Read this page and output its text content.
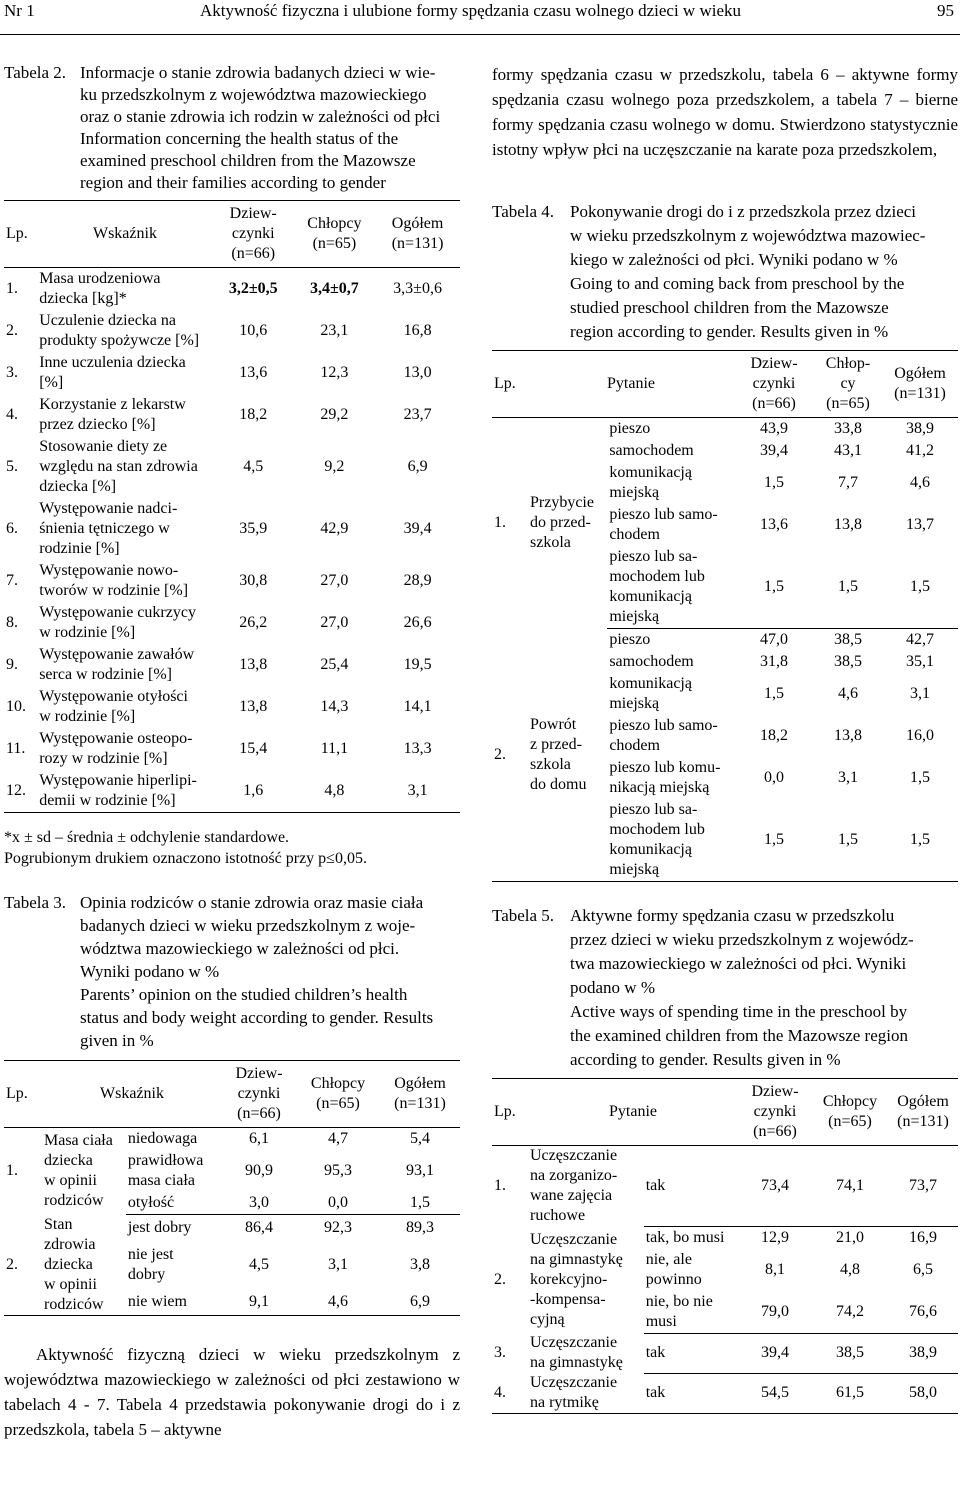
Nr 1	Aktywność fizyczna i ulubione formy spędzania czasu wolnego dzieci w wieku	95
Tabela 2. Informacje o stanie zdrowia badanych dzieci w wie-
ku przedszkolnym z województwa mazowieckiego
oraz o stanie zdrowia ich rodzin w zależności od płci
Information concerning the health status of the
examined preschool children from the Mazowsze
region and their families according to gender
Lp.	Wskaźnik	Dziew-
czynki
(n=66)	Chłopcy
(n=65)	Ogółem
(n=131)
1.	Masa urodzeniowa
dziecka [kg]*	3,2±0,5	3,4±0,7	3,3±0,6
2.	Uczulenie dziecka na
produkty spożywcze [%]	10,6	23,1	16,8
3.	Inne uczulenia dziecka
[%]	13,6	12,3	13,0
4.	Korzystanie z lekarstw
przez dziecko [%]	18,2	29,2	23,7
5.	Stosowanie diety ze
względu na stan zdrowia
dziecka [%]	4,5	9,2	6,9
6.	Występowanie nadci-
śnienia tętniczego w
rodzinie [%]	35,9	42,9	39,4
7.	Występowanie nowo-
tworów w rodzinie [%]	30,8	27,0	28,9
8.	Występowanie cukrzycy
w rodzinie [%]	26,2	27,0	26,6
9.	Występowanie zawałów
serca w rodzinie [%]	13,8	25,4	19,5
10.	Występowanie otyłości
w rodzinie [%]	13,8	14,3	14,1
11.	Występowanie osteopo-
rozy w rodzinie [%]	15,4	11,1	13,3
12.	Występowanie hiperlipi-
demii w rodzinie [%]	1,6	4,8	3,1
*x ± sd – średnia ± odchylenie standardowe.
Pogrubionym drukiem oznaczono istotność przy p≤0,05.
Tabela 3. Opinia rodziców o stanie zdrowia oraz masie ciała
badanych dzieci w wieku przedszkolnym z woje-
wództwa mazowieckiego w zależności od płci.
Wyniki podano w %
Parents’ opinion on the studied children’s health
status and body weight according to gender. Results
given in %
Lp.	Wskaźnik		Dziew-
czynki
(n=66)	Chłopcy
(n=65)	Ogółem
(n=131)
1.	Masa ciała
dziecka
w opinii
rodziców	niedowaga	6,1	4,7	5,4
		prawidłowa
masa ciała	90,9	95,3	93,1
		otyłość	3,0	0,0	1,5
2.	Stan
zdrowia
dziecka
w opinii
rodziców	jest dobry	86,4	92,3	89,3
		nie jest
dobry	4,5	3,1	3,8
		nie wiem	9,1	4,6	6,9
Aktywność fizyczną dzieci w wieku przedszkolnym z województwa mazowieckiego w zależności od płci zestawiono w tabelach 4 - 7. Tabela 4 przedstawia pokonywanie drogi do i z przedszkola, tabela 5 – aktywne
formy spędzania czasu w przedszkolu, tabela 6 – aktywne formy spędzania czasu wolnego poza przedszkolem, a tabela 7 – bierne formy spędzania czasu wolnego w domu. Stwierdzono statystycznie istotny wpływ płci na uczęszczanie na karate poza przedszkolem,
Tabela 4. Pokonywanie drogi do i z przedszkola przez dzieci
w wieku przedszkolnym z województwa mazowiec-
kiego w zależności od płci. Wyniki podano w %
Going to and coming back from preschool by the
studied preschool children from the Mazowsze
region according to gender. Results given in %
Lp.	Pytanie		Dziew-
czynki
(n=66)	Chłop-
cy
(n=65)	Ogółem
(n=131)
1.	Przybycie
do przed-
szkola	pieszo	43,9	33,8	38,9
		samochodem	39,4	43,1	41,2
		komunikacją
miejską	1,5	7,7	4,6
		pieszo lub samo-
chodem	13,6	13,8	13,7
		pieszo lub sa-
mochodem lub
komunikacją
miejską	1,5	1,5	1,5
2.	Powrót
z przed-
szkola
do domu	pieszo	47,0	38,5	42,7
		samochodem	31,8	38,5	35,1
		komunikacją
miejską	1,5	4,6	3,1
		pieszo lub samo-
chodem	18,2	13,8	16,0
		pieszo lub komu-
nikacją miejską	0,0	3,1	1,5
		pieszo lub sa-
mochodem lub
komunikacją
miejską	1,5	1,5	1,5
Tabela 5. Aktywne formy spędzania czasu w przedszkolu
przez dzieci w wieku przedszkolnym z wojewódz-
twa mazowieckiego w zależności od płci. Wyniki
podano w %
Active ways of spending time in the preschool by
the examined children from the Mazowsze region
according to gender. Results given in %
Lp.	Pytanie		Dziew-
czynki
(n=66)	Chłopcy
(n=65)	Ogółem
(n=131)
1.	Uczęszczanie
na zorganizo-
wane zajęcia
ruchowe	tak	73,4	74,1	73,7
2.	Uczęszczanie
na gimnastykę
korekcyjno-
-kompensa-
cyjną	tak, bo musi	12,9	21,0	16,9
		nie, ale
powinno	8,1	4,8	6,5
		nie, bo nie
musi	79,0	74,2	76,6
3.	Uczęszczanie
na gimnastykę	tak	39,4	38,5	38,9
4.	Uczęszczanie
na rytmikę	tak	54,5	61,5	58,0
